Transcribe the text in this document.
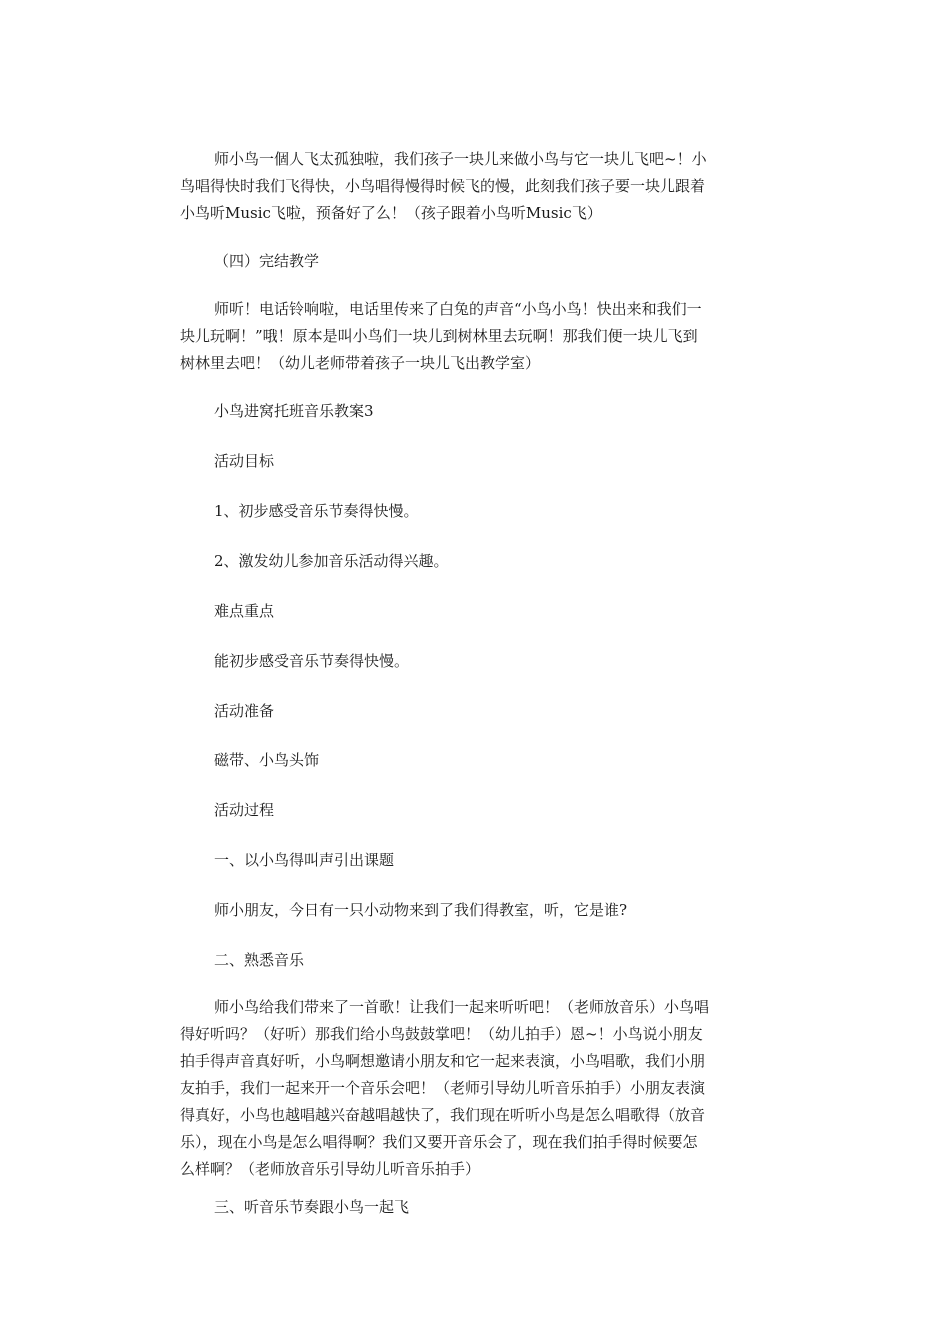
师小鸟一個人飞太孤独啦，我们孩子一块儿来做小鸟与它一块儿飞吧~！小
鸟唱得快时我们飞得快，小鸟唱得慢得时候飞的慢，此刻我们孩子要一块儿跟着
小鸟听Music飞啦，预备好了么！（孩子跟着小鸟听Music飞）
（四）完结教学
师听！电话铃响啦，电话里传来了白兔的声音“小鸟小鸟！快出来和我们一
块儿玩啊！”哦！原本是叫小鸟们一块儿到树林里去玩啊！那我们便一块儿飞到
树林里去吧！（幼儿老师带着孩子一块儿飞出教学室）
小鸟进窝托班音乐教案3
活动目标
1、初步感受音乐节奏得快慢。
2、激发幼儿参加音乐活动得兴趣。
难点重点
能初步感受音乐节奏得快慢。
活动准备
磁带、小鸟头饰
活动过程
一、以小鸟得叫声引出课题
师小朋友，今日有一只小动物来到了我们得教室，听，它是谁?
二、熟悉音乐
师小鸟给我们带来了一首歌！让我们一起来听听吧！（老师放音乐）小鸟唱
得好听吗？（好听）那我们给小鸟鼓鼓掌吧！（幼儿拍手）恩~！小鸟说小朋友
拍手得声音真好听，小鸟啊想邀请小朋友和它一起来表演，小鸟唱歌，我们小朋
友拍手，我们一起来开一个音乐会吧！（老师引导幼儿听音乐拍手）小朋友表演
得真好，小鸟也越唱越兴奋越唱越快了，我们现在听听小鸟是怎么唱歌得（放音
乐），现在小鸟是怎么唱得啊？我们又要开音乐会了，现在我们拍手得时候要怎
么样啊？（老师放音乐引导幼儿听音乐拍手）
三、听音乐节奏跟小鸟一起飞
